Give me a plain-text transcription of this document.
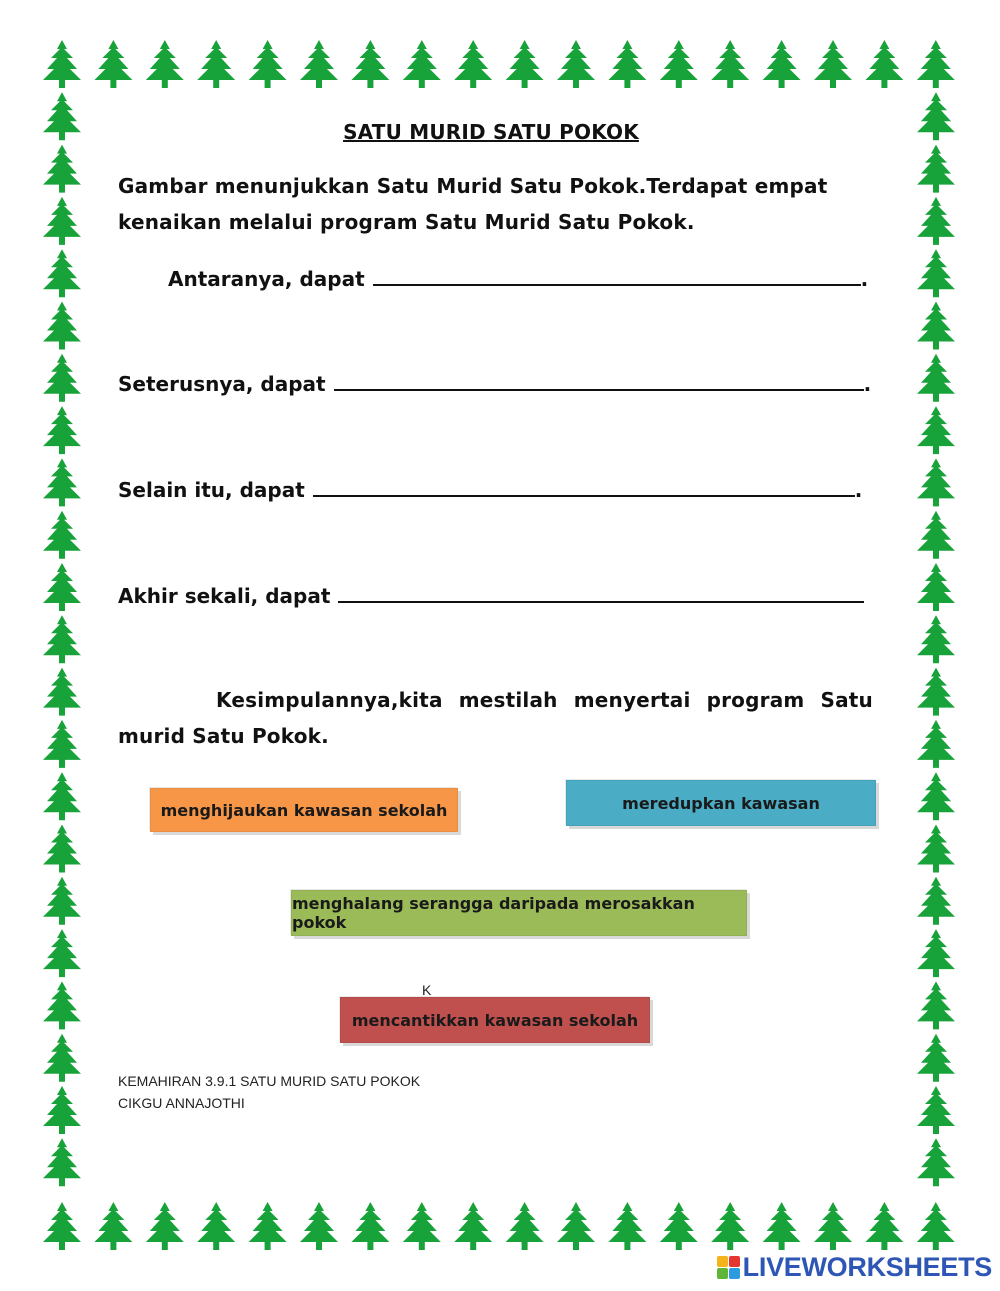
SATU MURID SATU POKOK
Gambar menunjukkan Satu Murid Satu Pokok.Terdapat empat kenaikan melalui program Satu Murid Satu Pokok.
Antaranya, dapat	.
Seterusnya, dapat	.
Selain itu, dapat	.
Akhir sekali, dapat
Kesimpulannya,kita mestilah menyertai program Satu murid Satu Pokok.
menghijaukan kawasan sekolah	meredupkan kawasan
menghalang serangga daripada merosakkan pokok
mencantikkan kawasan sekolah
K
KEMAHIRAN 3.9.1 SATU MURID SATU POKOK
CIKGU ANNAJOTHI
LIVEWORKSHEETS
